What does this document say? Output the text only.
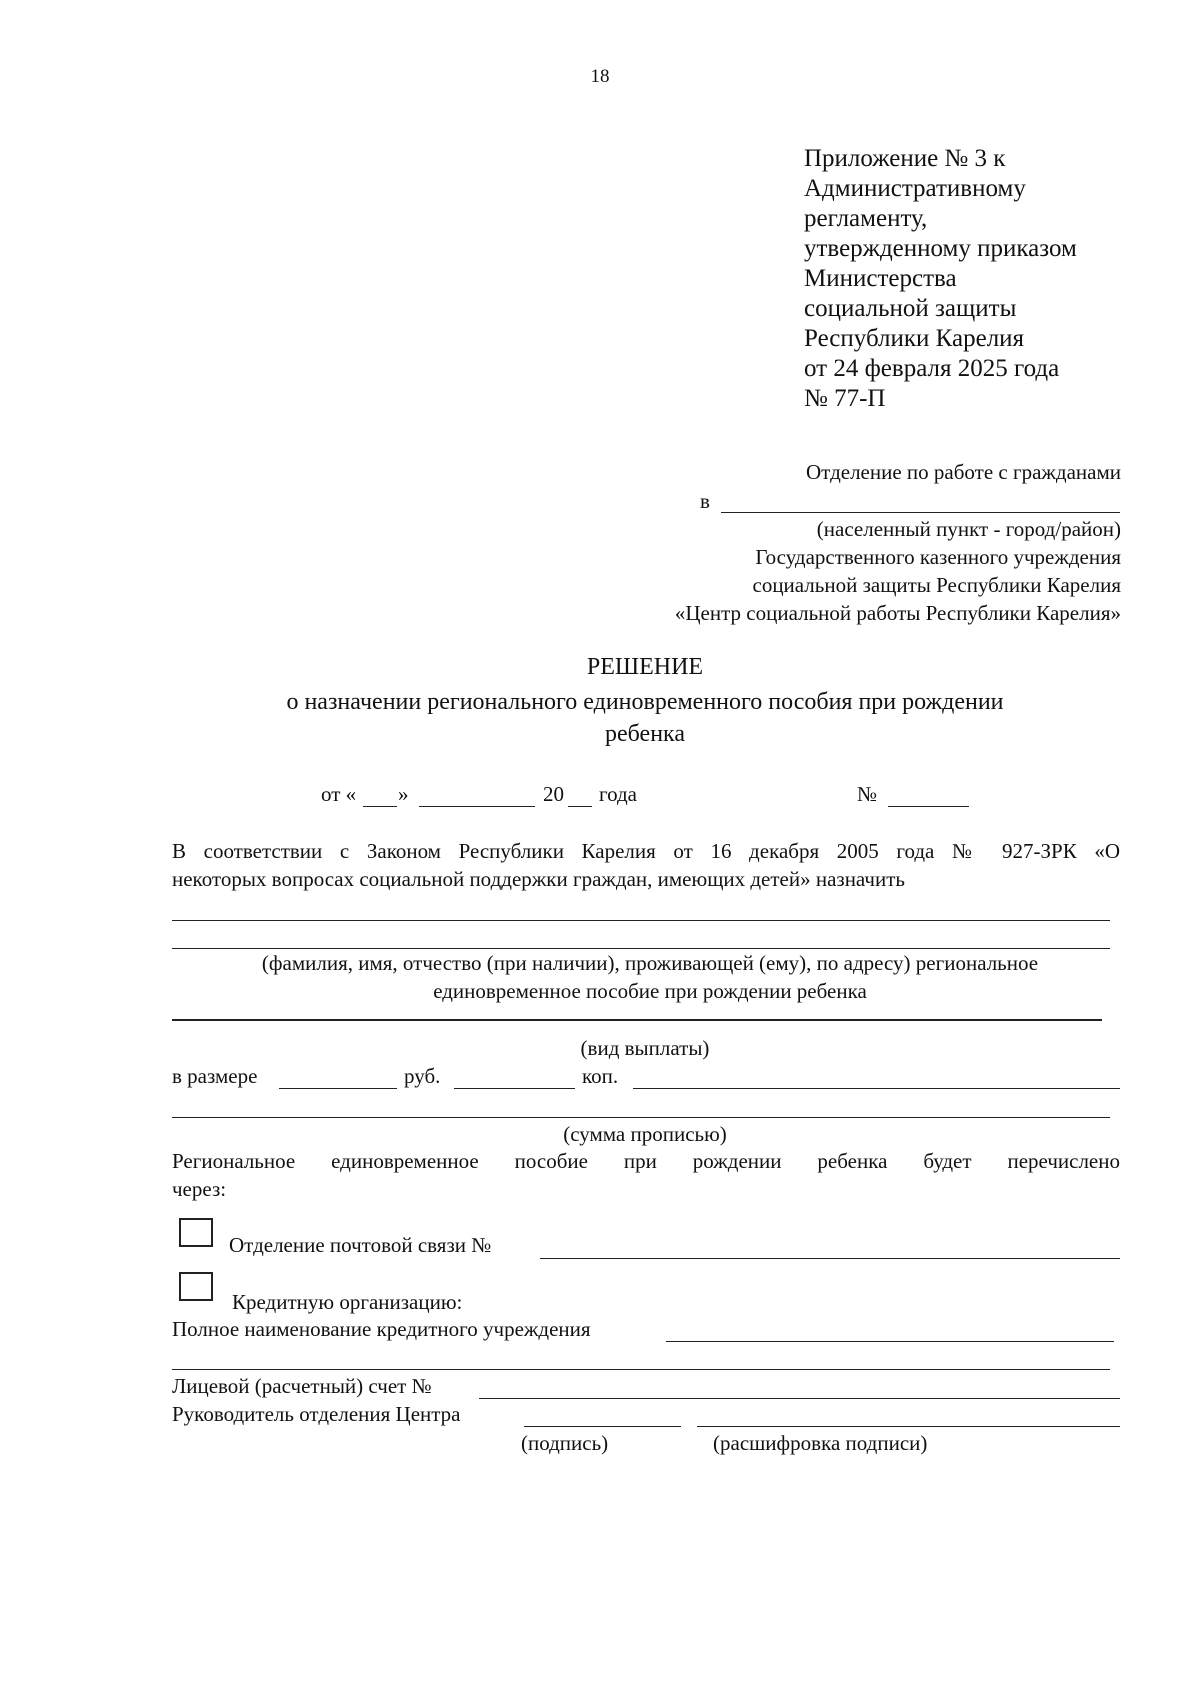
18
Приложение № 3 к
Административному
регламенту,
утвержденному приказом
Министерства
социальной защиты
Республики Карелия
от 24 февраля 2025 года
№ 77-П
Отделение по работе с гражданами
в
(населенный пункт - город/район)
Государственного казенного учреждения
социальной защиты Республики Карелия
«Центр социальной работы Республики Карелия»
РЕШЕНИЕ
о назначении регионального единовременного пособия при рождении
ребенка
от « »	20 года	№
В соответствии с Законом Республики Карелия от 16 декабря 2005 года № 927-ЗРК «О
некоторых вопросах социальной поддержки граждан, имеющих детей» назначить
(фамилия, имя, отчество (при наличии), проживающей (ему), по адресу) региональное
единовременное пособие при рождении ребенка
(вид выплаты)
в размере	руб.	коп.
(сумма прописью)
Региональное единовременное пособие при рождении ребенка будет перечислено
через:
Отделение почтовой связи №
Кредитную организацию:
Полное наименование кредитного учреждения
Лицевой (расчетный) счет №
Руководитель отделения Центра
(подпись)	(расшифровка подписи)
